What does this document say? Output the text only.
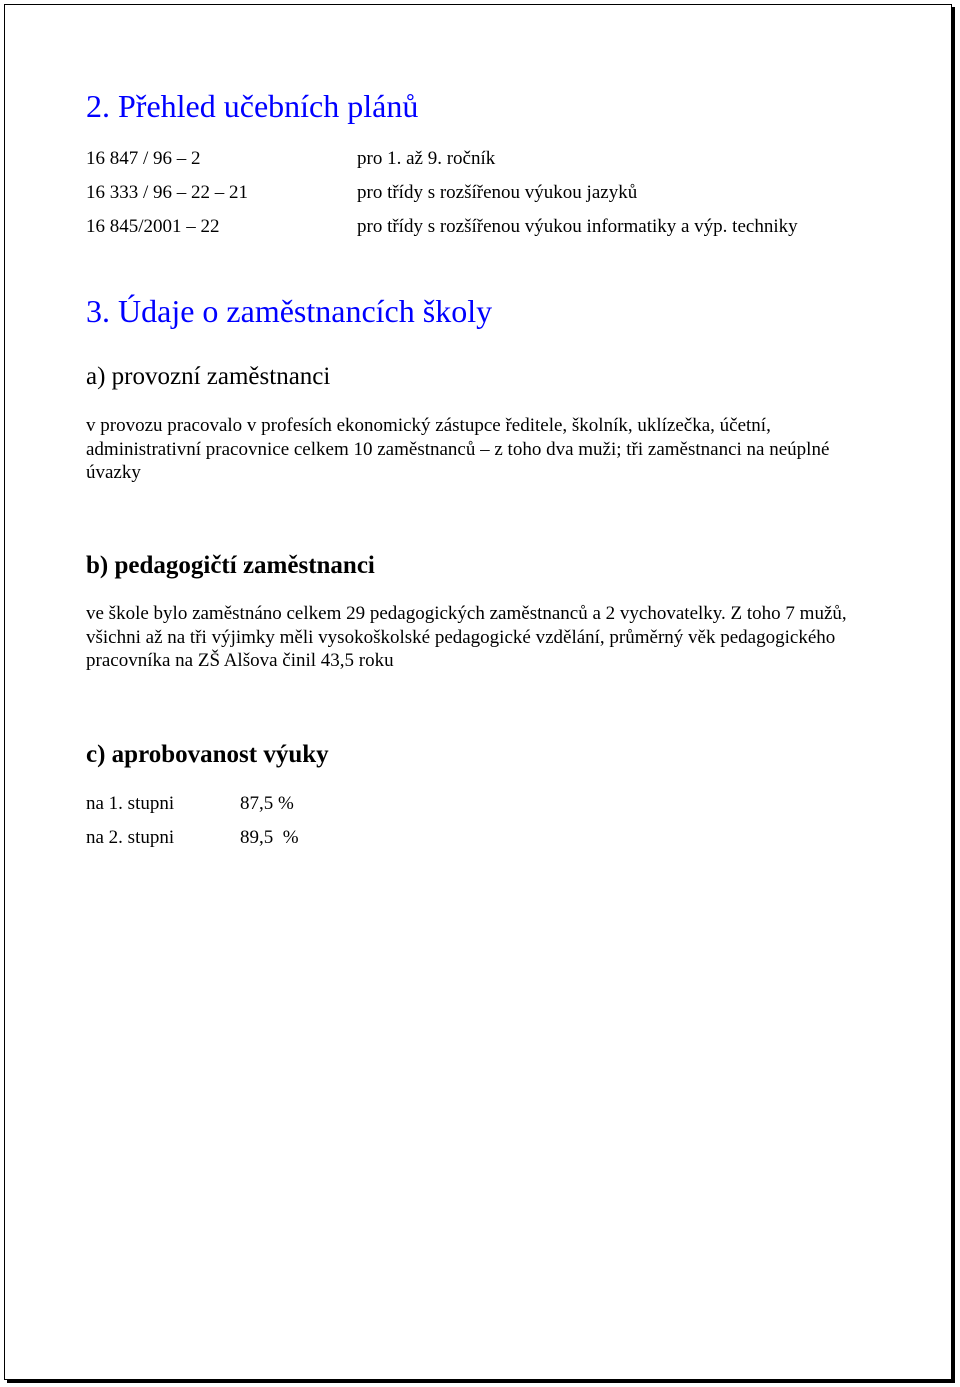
2. Přehled učebních plánů
16 847 / 96 – 2	pro 1. až 9. ročník
16 333 / 96 – 22 – 21	pro třídy s rozšířenou výukou jazyků
16 845/2001 – 22	pro třídy s rozšířenou výukou informatiky a výp. techniky
3. Údaje o zaměstnancích školy
a) provozní zaměstnanci
v provozu pracovalo v profesích ekonomický zástupce ředitele, školník, uklízečka, účetní, administrativní pracovnice celkem 10 zaměstnanců – z toho dva muži; tři zaměstnanci na neúplné úvazky
b) pedagogičtí zaměstnanci
ve škole bylo zaměstnáno celkem 29 pedagogických zaměstnanců a 2 vychovatelky. Z toho 7 mužů, všichni až na tři výjimky měli vysokoškolské pedagogické vzdělání, průměrný věk pedagogického pracovníka na ZŠ Alšova činil 43,5 roku
c) aprobovanost výuky
na 1. stupni	87,5 %
na 2. stupni	89,5  %
